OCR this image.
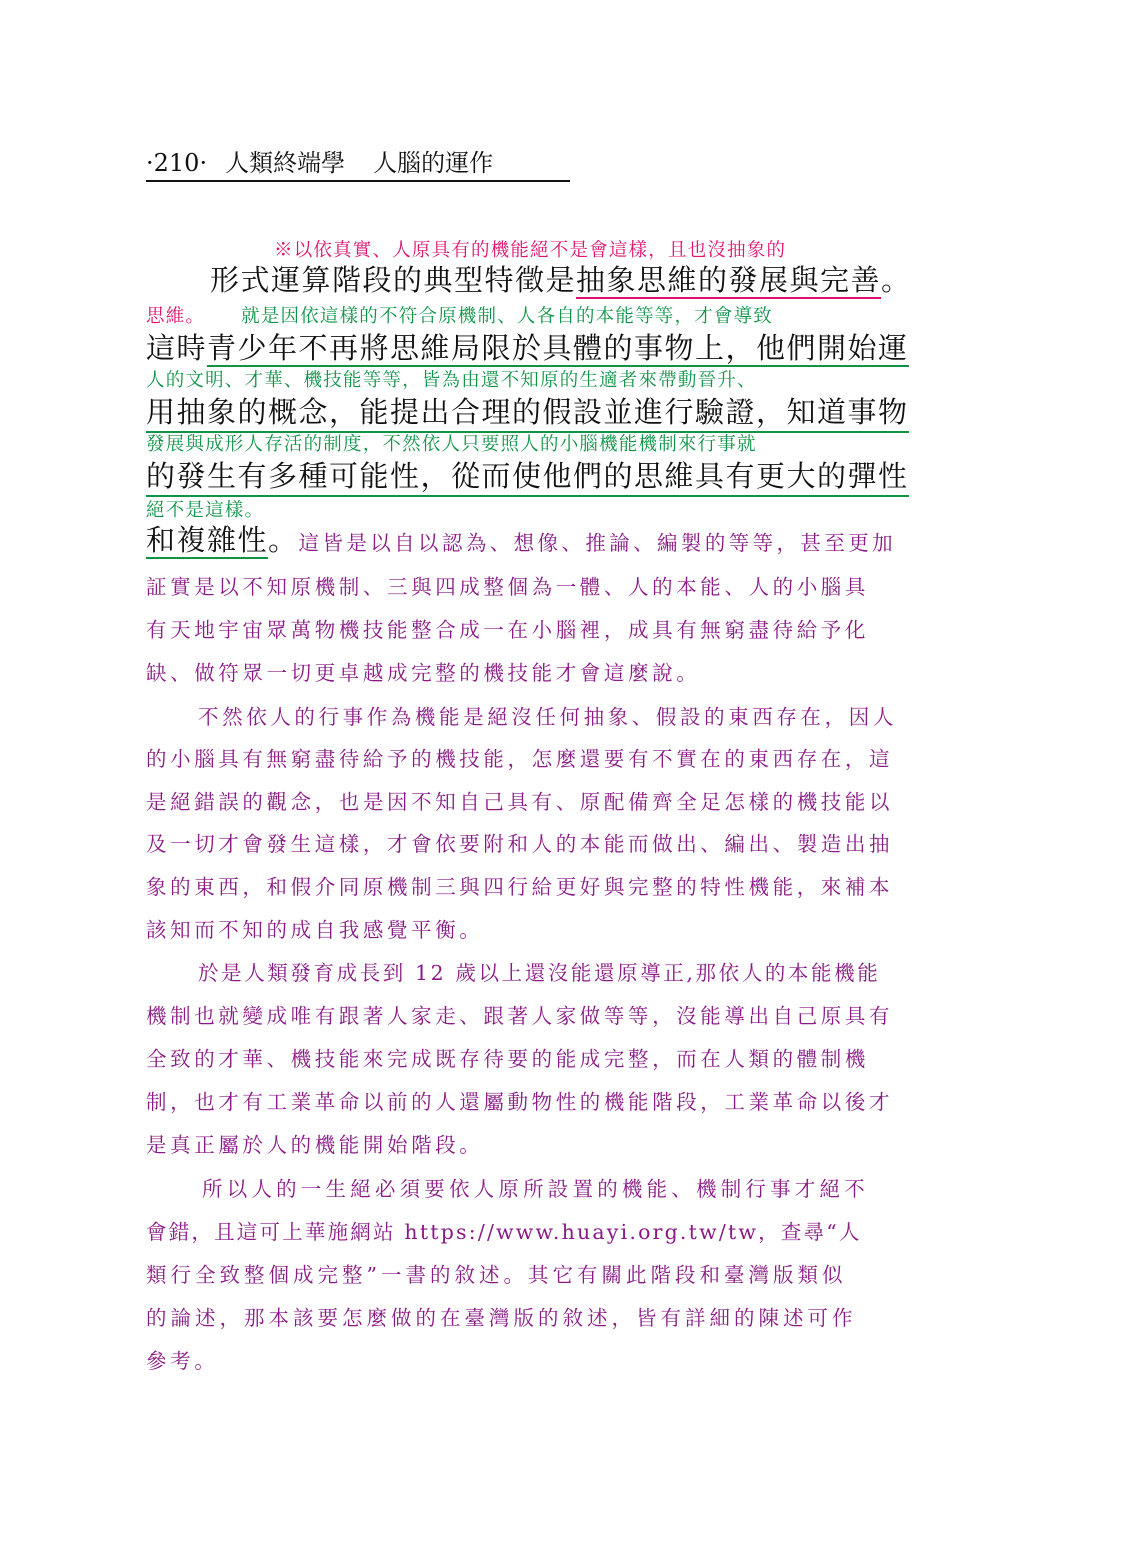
·210· 人類終端學 人腦的運作
※以依真實、人原具有的機能絕不是會這樣，且也沒抽象的
形式運算階段的典型特徵是抽象思維的發展與完善。
思維。 就是因依這樣的不符合原機制、人各自的本能等等，才會導致
這時青少年不再將思維局限於具體的事物上，他們開始運
人的文明、才華、機技能等等，皆為由還不知原的生適者來帶動晉升、
用抽象的概念，能提出合理的假設並進行驗證，知道事物
發展與成形人存活的制度，不然依人只要照人的小腦機能機制來行事就
的發生有多種可能性，從而使他們的思維具有更大的彈性
絕不是這樣。
和複雜性。這皆是以自以認為、想像、推論、編製的等等，甚至更加
証實是以不知原機制、三與四成整個為一體、人的本能、人的小腦具
有天地宇宙眾萬物機技能整合成一在小腦裡，成具有無窮盡待給予化
缺、做符眾一切更卓越成完整的機技能才會這麼說。
不然依人的行事作為機能是絕沒任何抽象、假設的東西存在，因人
的小腦具有無窮盡待給予的機技能，怎麼還要有不實在的東西存在，這
是絕錯誤的觀念，也是因不知自己具有、原配備齊全足怎樣的機技能以
及一切才會發生這樣，才會依要附和人的本能而做出、編出、製造出抽
象的東西，和假介同原機制三與四行給更好與完整的特性機能，來補本
該知而不知的成自我感覺平衡。
於是人類發育成長到 12 歲以上還沒能還原導正,那依人的本能機能
機制也就變成唯有跟著人家走、跟著人家做等等，沒能導出自己原具有
全致的才華、機技能來完成既存待要的能成完整，而在人類的體制機
制，也才有工業革命以前的人還屬動物性的機能階段，工業革命以後才
是真正屬於人的機能開始階段。
所以人的一生絕必須要依人原所設置的機能、機制行事才絕不
會錯，且這可上華施網站 https://www.huayi.org.tw/tw，查尋“人
類行全致整個成完整”一書的敘述。其它有關此階段和臺灣版類似
的論述，那本該要怎麼做的在臺灣版的敘述，皆有詳細的陳述可作
參考。
